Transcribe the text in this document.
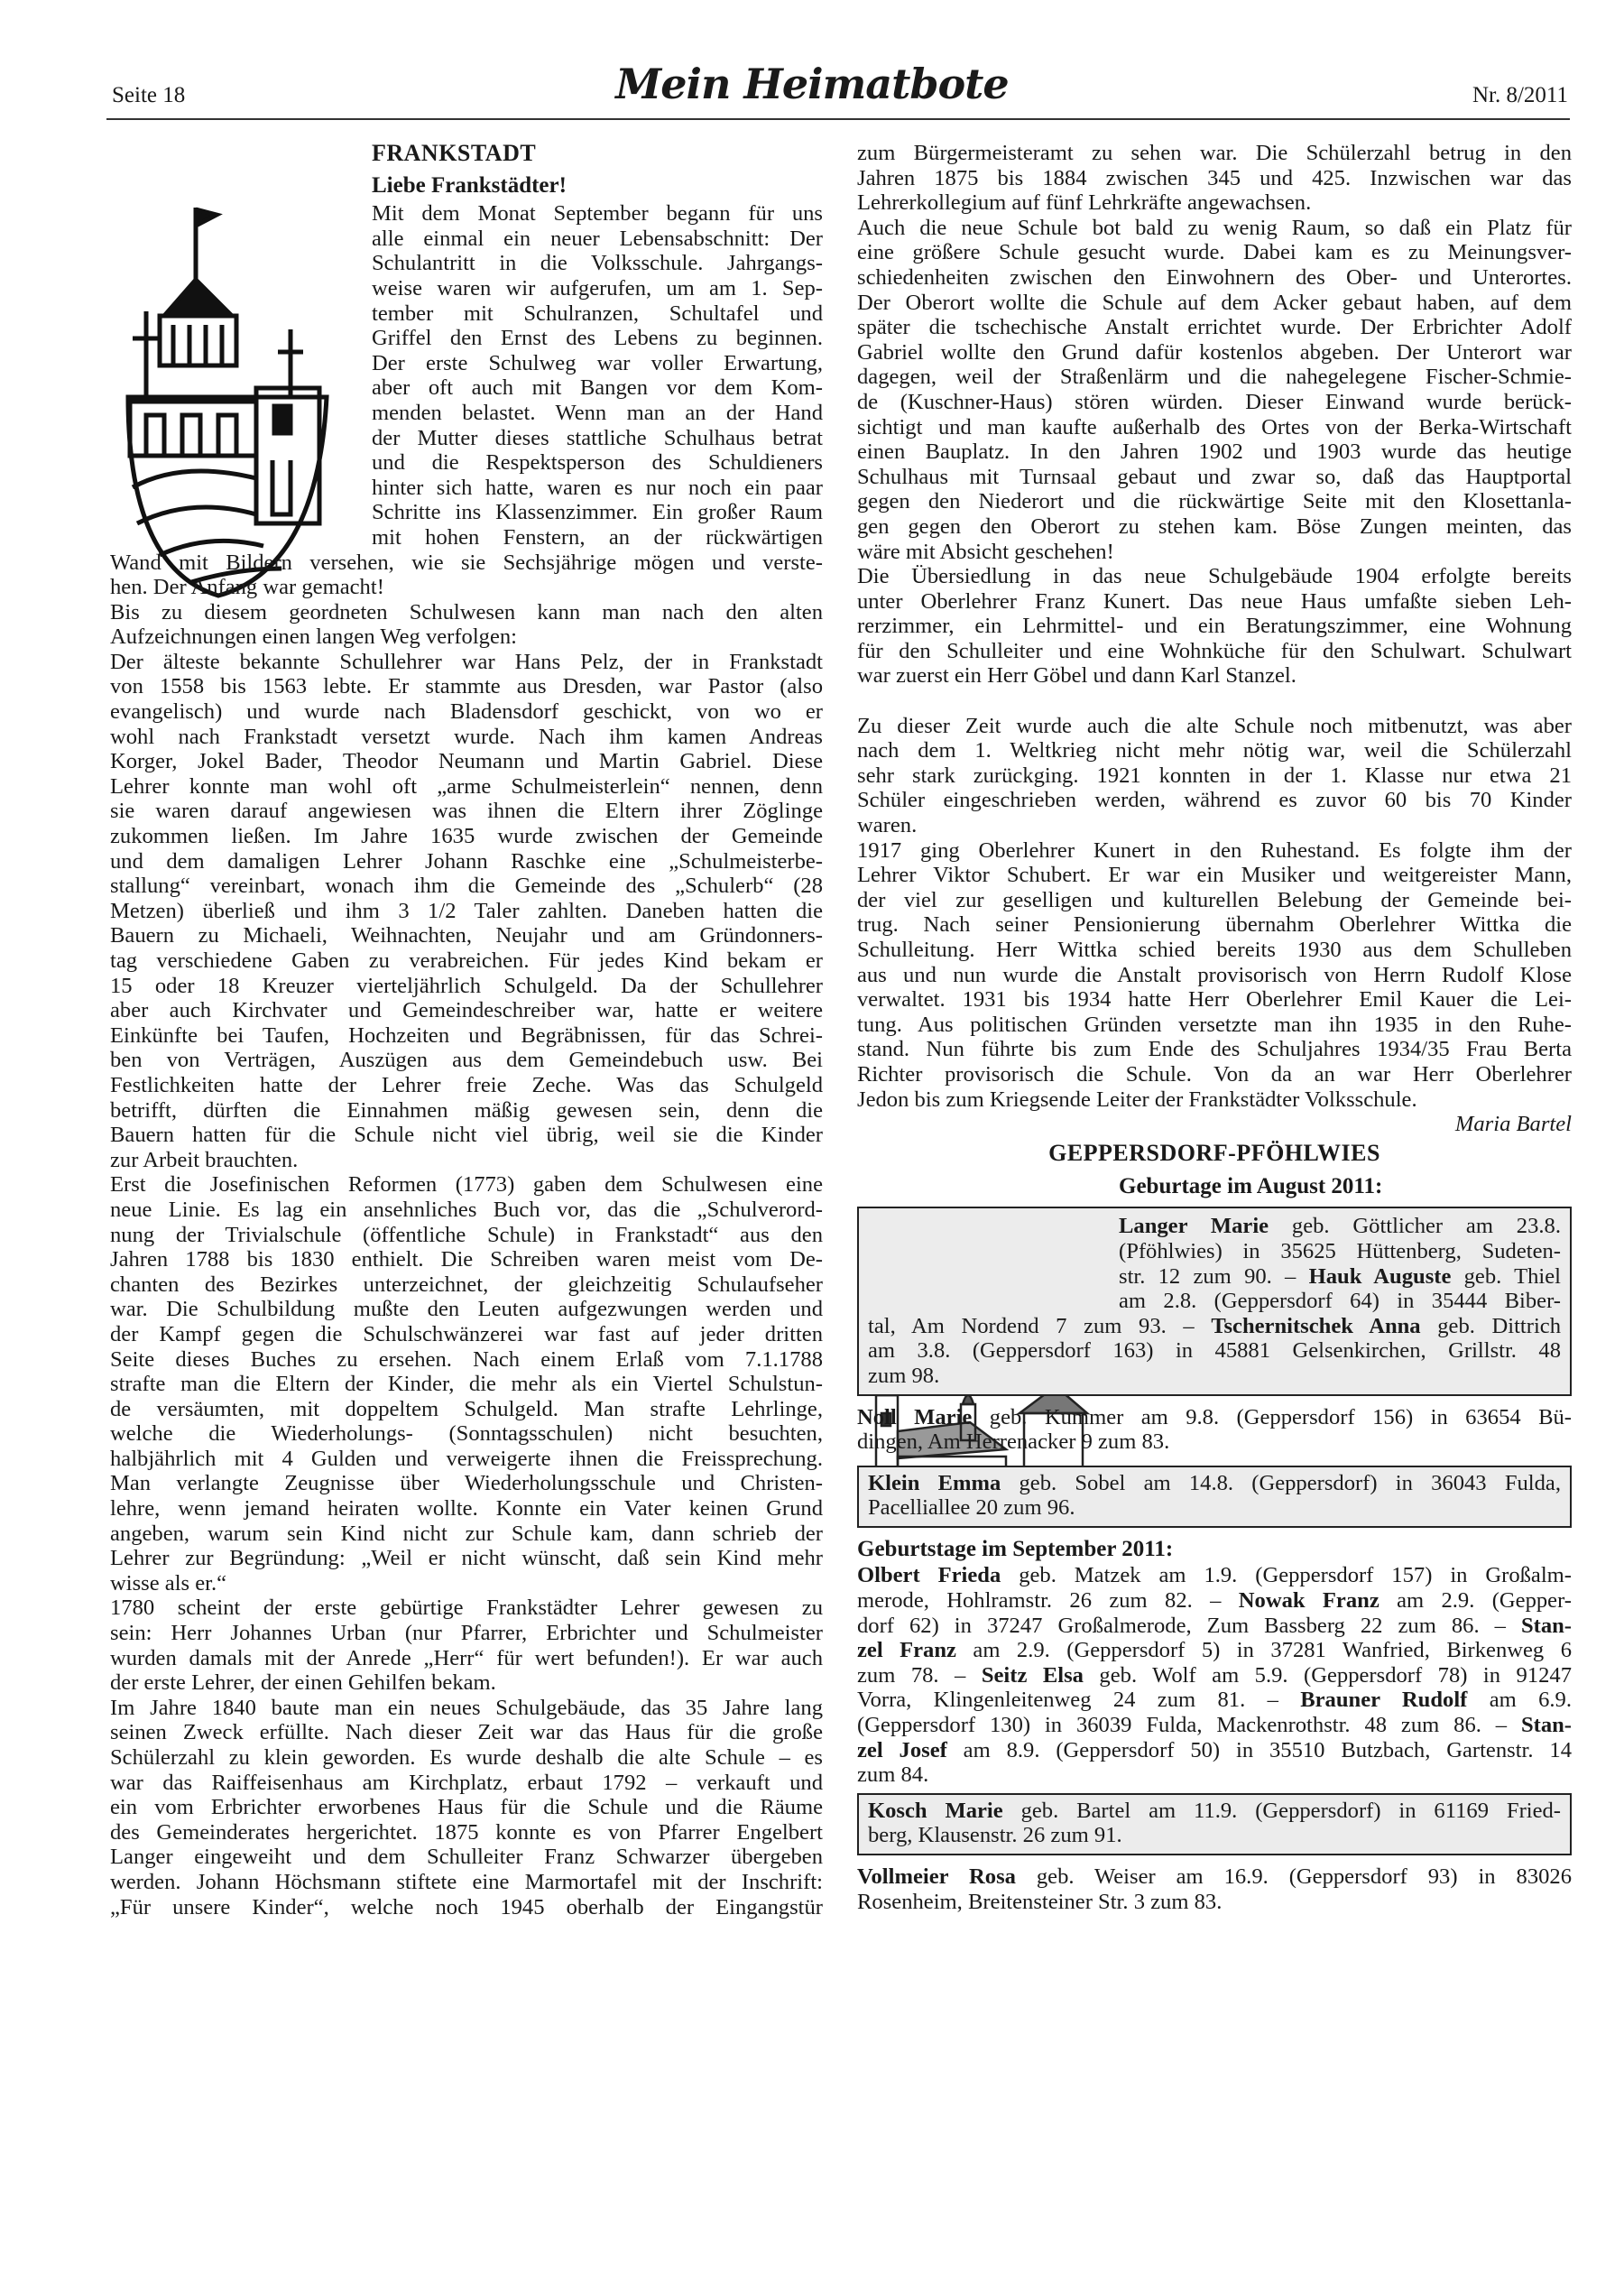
Seite 18	Mein Heimatbote	Nr. 8/2011
FRANKSTADT
Liebe Frankstädter!
Mit dem Monat September begann für uns
alle einmal ein neuer Lebensabschnitt: Der
Schulantritt in die Volksschule. Jahrgangs-
weise waren wir aufgerufen, um am 1. Sep-
tember mit Schulranzen, Schultafel und
Griffel den Ernst des Lebens zu beginnen.
Der erste Schulweg war voller Erwartung,
aber oft auch mit Bangen vor dem Kom-
menden belastet. Wenn man an der Hand
der Mutter dieses stattliche Schulhaus betrat
und die Respektsperson des Schuldieners
hinter sich hatte, waren es nur noch ein paar
Schritte ins Klassenzimmer. Ein großer Raum
mit hohen Fenstern, an der rückwärtigen
Wand mit Bildern versehen, wie sie Sechsjährige mögen und verste-
hen. Der Anfang war gemacht!
Bis zu diesem geordneten Schulwesen kann man nach den alten
Aufzeichnungen einen langen Weg verfolgen:
Der älteste bekannte Schullehrer war Hans Pelz, der in Frankstadt
von 1558 bis 1563 lebte. Er stammte aus Dresden, war Pastor (also
evangelisch) und wurde nach Bladensdorf geschickt, von wo er
wohl nach Frankstadt versetzt wurde. Nach ihm kamen Andreas
Korger, Jokel Bader, Theodor Neumann und Martin Gabriel. Diese
Lehrer konnte man wohl oft „arme Schulmeisterlein“ nennen, denn
sie waren darauf angewiesen was ihnen die Eltern ihrer Zöglinge
zukommen ließen. Im Jahre 1635 wurde zwischen der Gemeinde
und dem damaligen Lehrer Johann Raschke eine „Schulmeisterbe-
stallung“ vereinbart, wonach ihm die Gemeinde des „Schulerb“ (28
Metzen) überließ und ihm 3 1/2 Taler zahlten. Daneben hatten die
Bauern zu Michaeli, Weihnachten, Neujahr und am Gründonners-
tag verschiedene Gaben zu verabreichen. Für jedes Kind bekam er
15 oder 18 Kreuzer vierteljährlich Schulgeld. Da der Schullehrer
aber auch Kirchvater und Gemeindeschreiber war, hatte er weitere
Einkünfte bei Taufen, Hochzeiten und Begräbnissen, für das Schrei-
ben von Verträgen, Auszügen aus dem Gemeindebuch usw. Bei
Festlichkeiten hatte der Lehrer freie Zeche. Was das Schulgeld
betrifft, dürften die Einnahmen mäßig gewesen sein, denn die
Bauern hatten für die Schule nicht viel übrig, weil sie die Kinder
zur Arbeit brauchten.
Erst die Josefinischen Reformen (1773) gaben dem Schulwesen eine
neue Linie. Es lag ein ansehnliches Buch vor, das die „Schulverord-
nung der Trivialschule (öffentliche Schule) in Frankstadt“ aus den
Jahren 1788 bis 1830 enthielt. Die Schreiben waren meist vom De-
chanten des Bezirkes unterzeichnet, der gleichzeitig Schulaufseher
war. Die Schulbildung mußte den Leuten aufgezwungen werden und
der Kampf gegen die Schulschwänzerei war fast auf jeder dritten
Seite dieses Buches zu ersehen. Nach einem Erlaß vom 7.1.1788
strafte man die Eltern der Kinder, die mehr als ein Viertel Schulstun-
de versäumten, mit doppeltem Schulgeld. Man strafte Lehrlinge,
welche die Wiederholungs- (Sonntagsschulen) nicht besuchten,
halbjährlich mit 4 Gulden und verweigerte ihnen die Freissprechung.
Man verlangte Zeugnisse über Wiederholungsschule und Christen-
lehre, wenn jemand heiraten wollte. Konnte ein Vater keinen Grund
angeben, warum sein Kind nicht zur Schule kam, dann schrieb der
Lehrer zur Begründung: „Weil er nicht wünscht, daß sein Kind mehr
wisse als er.“
1780 scheint der erste gebürtige Frankstädter Lehrer gewesen zu
sein: Herr Johannes Urban (nur Pfarrer, Erbrichter und Schulmeister
wurden damals mit der Anrede „Herr“ für wert befunden!). Er war auch
der erste Lehrer, der einen Gehilfen bekam.
Im Jahre 1840 baute man ein neues Schulgebäude, das 35 Jahre lang
seinen Zweck erfüllte. Nach dieser Zeit war das Haus für die große
Schülerzahl zu klein geworden. Es wurde deshalb die alte Schule – es
war das Raiffeisenhaus am Kirchplatz, erbaut 1792 – verkauft und
ein vom Erbrichter erworbenes Haus für die Schule und die Räume
des Gemeinderates hergerichtet. 1875 konnte es von Pfarrer Engelbert
Langer eingeweiht und dem Schulleiter Franz Schwarzer übergeben
werden. Johann Höchsmann stiftete eine Marmortafel mit der Inschrift:
„Für unsere Kinder“, welche noch 1945 oberhalb der Eingangstür
zum Bürgermeisteramt zu sehen war. Die Schülerzahl betrug in den
Jahren 1875 bis 1884 zwischen 345 und 425. Inzwischen war das
Lehrerkollegium auf fünf Lehrkräfte angewachsen.
Auch die neue Schule bot bald zu wenig Raum, so daß ein Platz für
eine größere Schule gesucht wurde. Dabei kam es zu Meinungsver-
schiedenheiten zwischen den Einwohnern des Ober- und Unterortes.
Der Oberort wollte die Schule auf dem Acker gebaut haben, auf dem
später die tschechische Anstalt errichtet wurde. Der Erbrichter Adolf
Gabriel wollte den Grund dafür kostenlos abgeben. Der Unterort war
dagegen, weil der Straßenlärm und die nahegelegene Fischer-Schmie-
de (Kuschner-Haus) stören würden. Dieser Einwand wurde berück-
sichtigt und man kaufte außerhalb des Ortes von der Berka-Wirtschaft
einen Bauplatz. In den Jahren 1902 und 1903 wurde das heutige
Schulhaus mit Turnsaal gebaut und zwar so, daß das Hauptportal
gegen den Niederort und die rückwärtige Seite mit den Klosettanla-
gen gegen den Oberort zu stehen kam. Böse Zungen meinten, das
wäre mit Absicht geschehen!
Die Übersiedlung in das neue Schulgebäude 1904 erfolgte bereits
unter Oberlehrer Franz Kunert. Das neue Haus umfaßte sieben Leh-
rerzimmer, ein Lehrmittel- und ein Beratungszimmer, eine Wohnung
für den Schulleiter und eine Wohnküche für den Schulwart. Schulwart
war zuerst ein Herr Göbel und dann Karl Stanzel.
Zu dieser Zeit wurde auch die alte Schule noch mitbenutzt, was aber
nach dem 1. Weltkrieg nicht mehr nötig war, weil die Schülerzahl
sehr stark zurückging. 1921 konnten in der 1. Klasse nur etwa 21
Schüler eingeschrieben werden, während es zuvor 60 bis 70 Kinder
waren.
1917 ging Oberlehrer Kunert in den Ruhestand. Es folgte ihm der
Lehrer Viktor Schubert. Er war ein Musiker und weitgereister Mann,
der viel zur geselligen und kulturellen Belebung der Gemeinde bei-
trug. Nach seiner Pensionierung übernahm Oberlehrer Wittka die
Schulleitung. Herr Wittka schied bereits 1930 aus dem Schulleben
aus und nun wurde die Anstalt provisorisch von Herrn Rudolf Klose
verwaltet. 1931 bis 1934 hatte Herr Oberlehrer Emil Kauer die Lei-
tung. Aus politischen Gründen versetzte man ihn 1935 in den Ruhe-
stand. Nun führte bis zum Ende des Schuljahres 1934/35 Frau Berta
Richter provisorisch die Schule. Von da an war Herr Oberlehrer
Jedon bis zum Kriegsende Leiter der Frankstädter Volksschule.
Maria Bartel
GEPPERSDORF-PFÖHLWIES
Geburtage im August 2011:
Langer Marie geb. Göttlicher am 23.8.
(Pföhlwies) in 35625 Hüttenberg, Sudeten-
str. 12 zum 90. – Hauk Auguste geb. Thiel
am 2.8. (Geppersdorf 64) in 35444 Biber-
tal, Am Nordend 7 zum 93. – Tschernitschek Anna geb. Dittrich
am 3.8. (Geppersdorf 163) in 45881 Gelsenkirchen, Grillstr. 48
zum 98.
Noll Marie geb. Kummer am 9.8. (Geppersdorf 156) in 63654 Bü-
dingen, Am Herrenacker 9 zum 83.
Klein Emma geb. Sobel am 14.8. (Geppersdorf) in 36043 Fulda,
Pacelliallee 20 zum 96.
Geburtstage im September 2011:
Olbert Frieda geb. Matzek am 1.9. (Geppersdorf 157) in Großalm-
merode, Hohlramstr. 26 zum 82. – Nowak Franz am 2.9. (Gepper-
dorf 62) in 37247 Großalmerode, Zum Bassberg 22 zum 86. – Stan-
zel Franz am 2.9. (Geppersdorf 5) in 37281 Wanfried, Birkenweg 6
zum 78. – Seitz Elsa geb. Wolf am 5.9. (Geppersdorf 78) in 91247
Vorra, Klingenleitenweg 24 zum 81. – Brauner Rudolf am 6.9.
(Geppersdorf 130) in 36039 Fulda, Mackenrothstr. 48 zum 86. – Stan-
zel Josef am 8.9. (Geppersdorf 50) in 35510 Butzbach, Gartenstr. 14
zum 84.
Kosch Marie geb. Bartel am 11.9. (Geppersdorf) in 61169 Fried-
berg, Klausenstr. 26 zum 91.
Vollmeier Rosa geb. Weiser am 16.9. (Geppersdorf 93) in 83026
Rosenheim, Breitensteiner Str. 3 zum 83.
